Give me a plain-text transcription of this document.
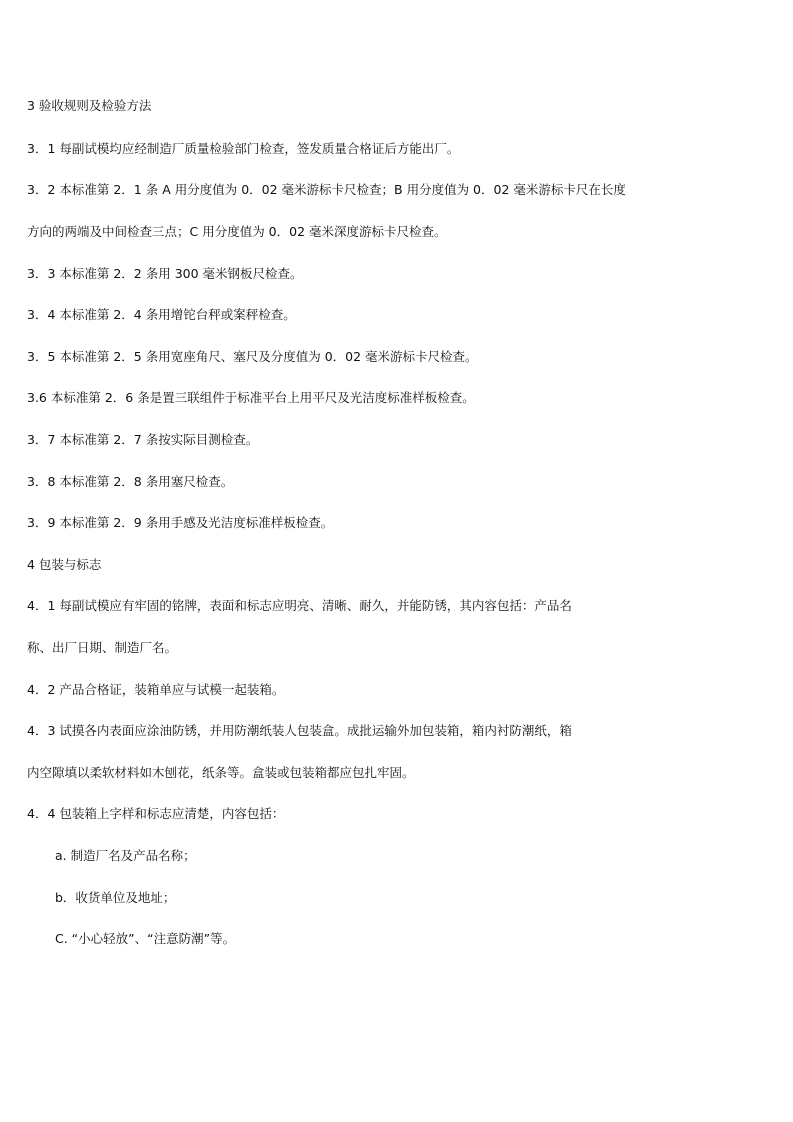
3 验收规则及检验方法
3．1 每副试模均应经制造厂质量检验部门检查，签发质量合格证后方能出厂。
3．2 本标准第 2．1 条 A 用分度值为 0．02 毫米游标卡尺检查；B 用分度值为 0．02 毫米游标卡尺在长度
方向的两端及中间检查三点；C 用分度值为 0．02 毫米深度游标卡尺检查。
3．3 本标准第 2．2 条用 300 毫米钢板尺检查。
3．4 本标准第 2．4 条用增铊台秤或案秤检查。
3．5 本标准第 2．5 条用宽座角尺、塞尺及分度值为 0．02 毫米游标卡尺检查。
3.6 本标准第 2．6 条是置三联组件于标准平台上用平尺及光洁度标准样板检查。
3．7 本标准第 2．7 条按实际目测检查。
3．8 本标准第 2．8 条用塞尺检查。
3．9 本标准第 2．9 条用手感及光洁度标准样板检查。
4 包装与标志
4．1 每副试模应有牢固的铭牌，表面和标志应明亮、清晰、耐久，并能防锈，其内容包括：产品名
称、出厂日期、制造厂名。
4．2 产品合格证，装箱单应与试模一起装箱。
4．3 试摸各内表面应涂油防锈，并用防潮纸装人包装盒。成批运输外加包装箱，箱内衬防潮纸，箱
内空隙填以柔软材料如木刨花，纸条等。盒装或包装箱都应包扎牢固。
4．4 包装箱上字样和标志应清楚，内容包括：
a. 制造厂名及产品名称；
b．收货单位及地址；
C. “小心轻放”、“注意防潮”等。
